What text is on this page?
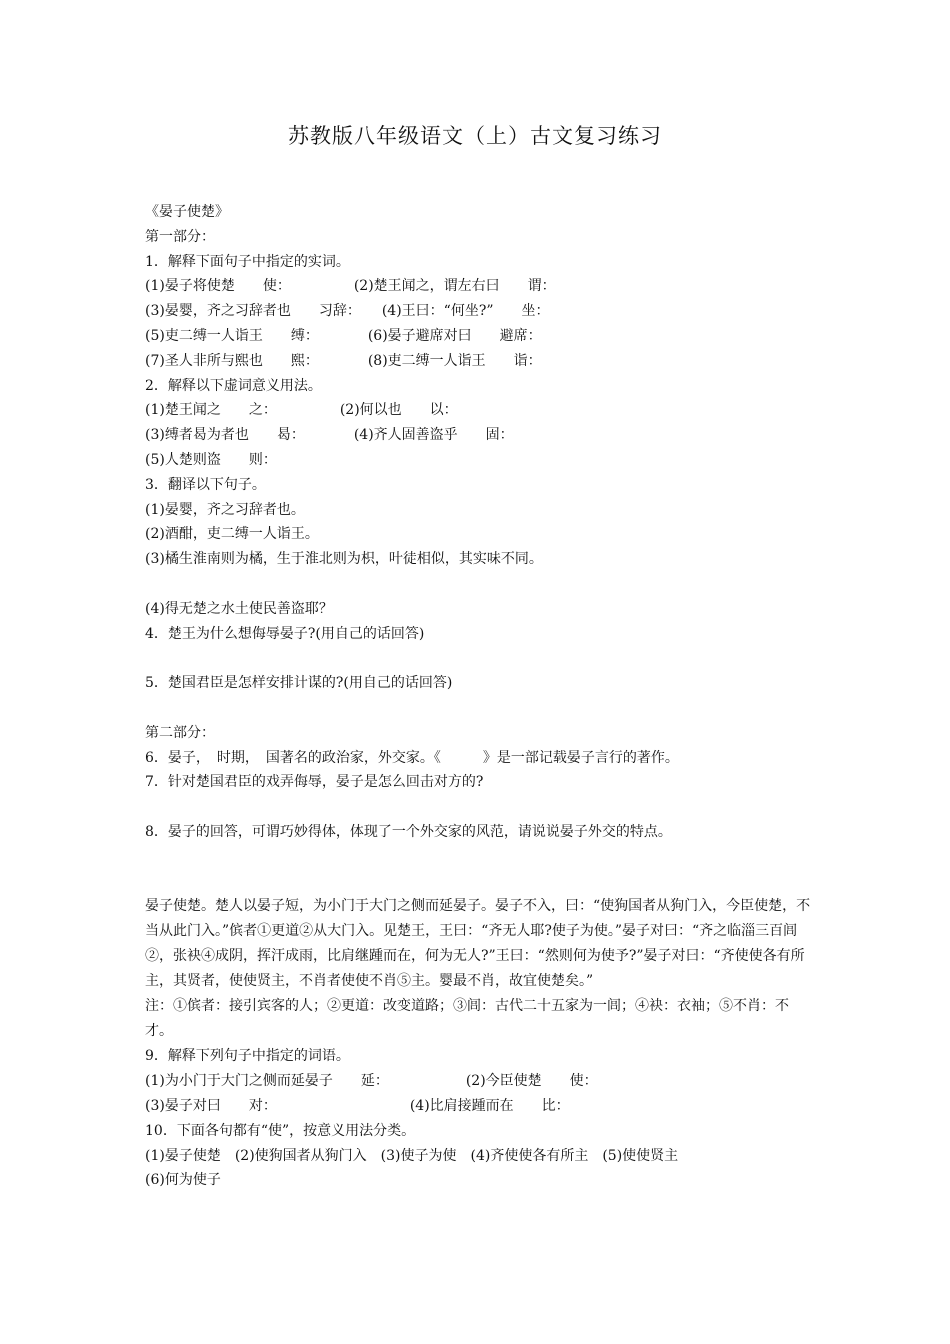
苏教版八年级语文（上）古文复习练习
《晏子使楚》
第一部分：
1．解释下面句子中指定的实词。
(1)晏子将使楚　　使：　　　　　(2)楚王闻之，谓左右曰　　谓：
(3)晏婴，齐之习辞者也　　习辞：　　(4)王曰：“何坐?”　　坐：
(5)吏二缚一人诣王　　缚：　　　　(6)晏子避席对曰　　避席：
(7)圣人非所与熙也　　熙：　　　　(8)吏二缚一人诣王　　诣：
2．解释以下虚词意义用法。
(1)楚王闻之　　之：　　　　　(2)何以也　　以：
(3)缚者曷为者也　　曷：　　　　(4)齐人固善盗乎　　固：
(5)人楚则盗　　则：
3．翻译以下句子。
(1)晏婴，齐之习辞者也。
(2)酒酣，吏二缚一人诣王。
(3)橘生淮南则为橘，生于淮北则为枳，叶徒相似，其实味不同。
(4)得无楚之水土使民善盗耶？
4．楚王为什么想侮辱晏子?(用自己的话回答)
5．楚国君臣是怎样安排计谋的?(用自己的话回答)
第二部分：
6．晏子，　时期，　国著名的政治家，外交家。《　　　》是一部记载晏子言行的著作。
7．针对楚国君臣的戏弄侮辱，晏子是怎么回击对方的?
8．晏子的回答，可谓巧妙得体，体现了一个外交家的风范，请说说晏子外交的特点。
晏子使楚。楚人以晏子短，为小门于大门之侧而延晏子。晏子不入，曰：“使狗国者从狗门入，今臣使楚，不当从此门入。”傧者①更道②从大门入。见楚王，王曰：“齐无人耶?使子为使。”晏子对曰：“齐之临淄三百闾②，张袂④成阴，挥汗成雨，比肩继踵而在，何为无人?”王曰：“然则何为使予?”晏子对曰：“齐使使各有所主，其贤者，使使贤主，不肖者使使不肖⑤主。婴最不肖，故宜使楚矣。”
注：①傧者：接引宾客的人；②更道：改变道路；③闾：古代二十五家为一闾；④袂：衣袖；⑤不肖：不才。
9．解释下列句子中指定的词语。
(1)为小门于大门之侧而延晏子　　延：　　　　　　(2)今臣使楚　　使：
(3)晏子对曰　　对：　　　　　　　　　　(4)比肩接踵而在　　比：
10．下面各句都有“使”，按意义用法分类。
(1)晏子使楚　(2)使狗国者从狗门入　(3)使子为使　(4)齐使使各有所主　(5)使使贤主
(6)何为使子
